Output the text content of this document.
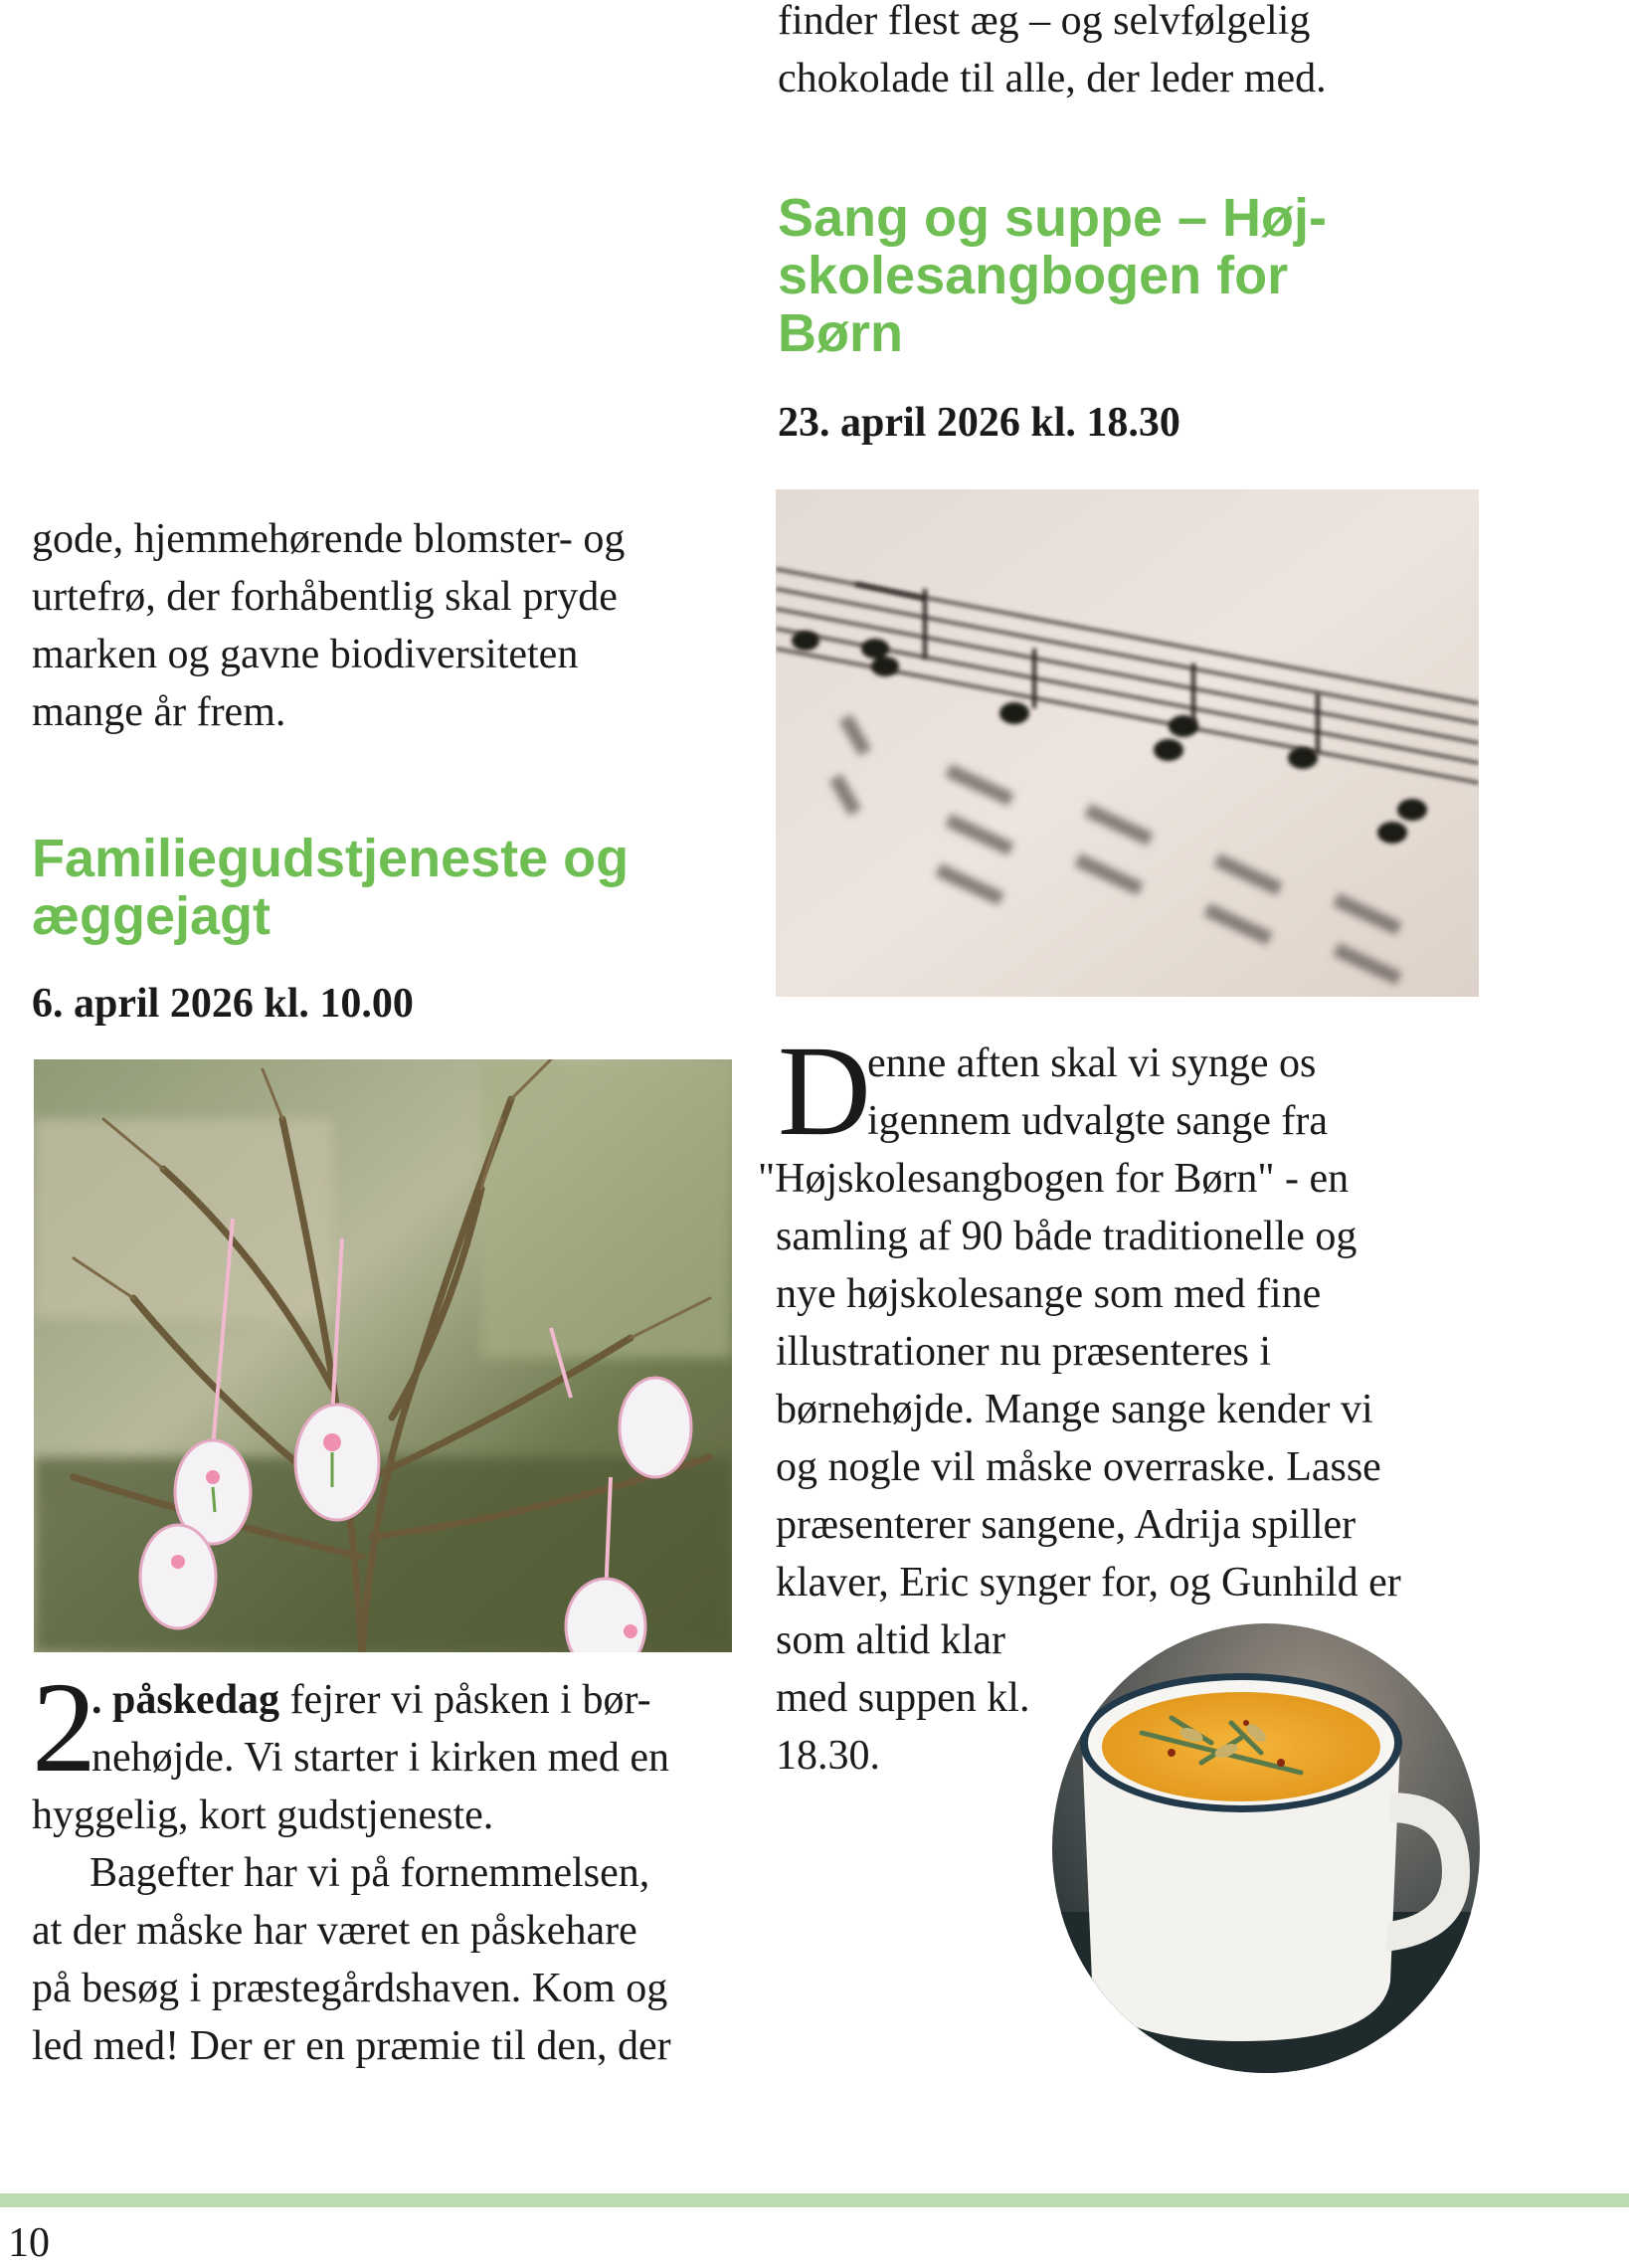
finder flest æg – og selvfølgelig
chokolade til alle, der leder med.
Sang og suppe – Høj-
skolesangbogen for
Børn
23. april 2026 kl. 18.30
D
enne aften skal vi synge os
igennem udvalgte sange fra
"Højskolesangbogen for Børn" - en
samling af 90 både traditionelle og
nye højskolesange som med fine
illustrationer nu præsenteres i
børnehøjde. Mange sange kender vi
og nogle vil måske overraske. Lasse
præsenterer sangene, Adrija spiller
klaver, Eric synger for, og Gunhild er
som altid klar
med suppen kl.
18.30.
gode, hjemmehørende blomster- og
urtefrø, der forhåbentlig skal pryde
marken og gavne biodiversiteten
mange år frem.
Familiegudstjeneste og
æggejagt
6. april 2026 kl. 10.00
2
. påskedag fejrer vi påsken i bør-
nehøjde. Vi starter i kirken med en
hyggelig, kort gudstjeneste.
Bagefter har vi på fornemmelsen,
at der måske har været en påskehare
på besøg i præstegårdshaven. Kom og
led med! Der er en præmie til den, der
10
